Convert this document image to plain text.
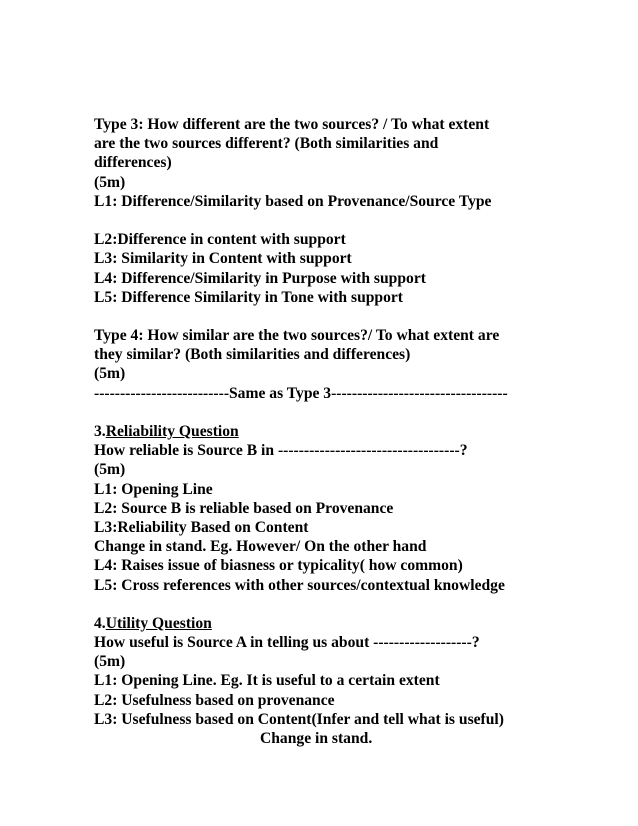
Type 3: How different are the two sources? / To what extent
are the two sources different? (Both similarities and
differences)
(5m)
L1: Difference/Similarity based on Provenance/Source Type
L2:Difference in content with support
L3: Similarity in Content with support
L4: Difference/Similarity in Purpose with support
L5: Difference Similarity in Tone with support
Type 4: How similar are the two sources?/ To what extent are
they similar? (Both similarities and differences)
(5m)
--------------------------Same as Type 3----------------------------------
3.Reliability Question
How reliable is Source B in -----------------------------------?
(5m)
L1: Opening Line
L2: Source B is reliable based on Provenance
L3:Reliability Based on Content
Change in stand. Eg. However/ On the other hand
L4: Raises issue of biasness or typicality( how common)
L5: Cross references with other sources/contextual knowledge
4.Utility Question
How useful is Source A in telling us about -------------------?
(5m)
L1: Opening Line. Eg. It is useful to a certain extent
L2: Usefulness based on provenance
L3: Usefulness based on Content(Infer and tell what is useful)
Change in stand.
